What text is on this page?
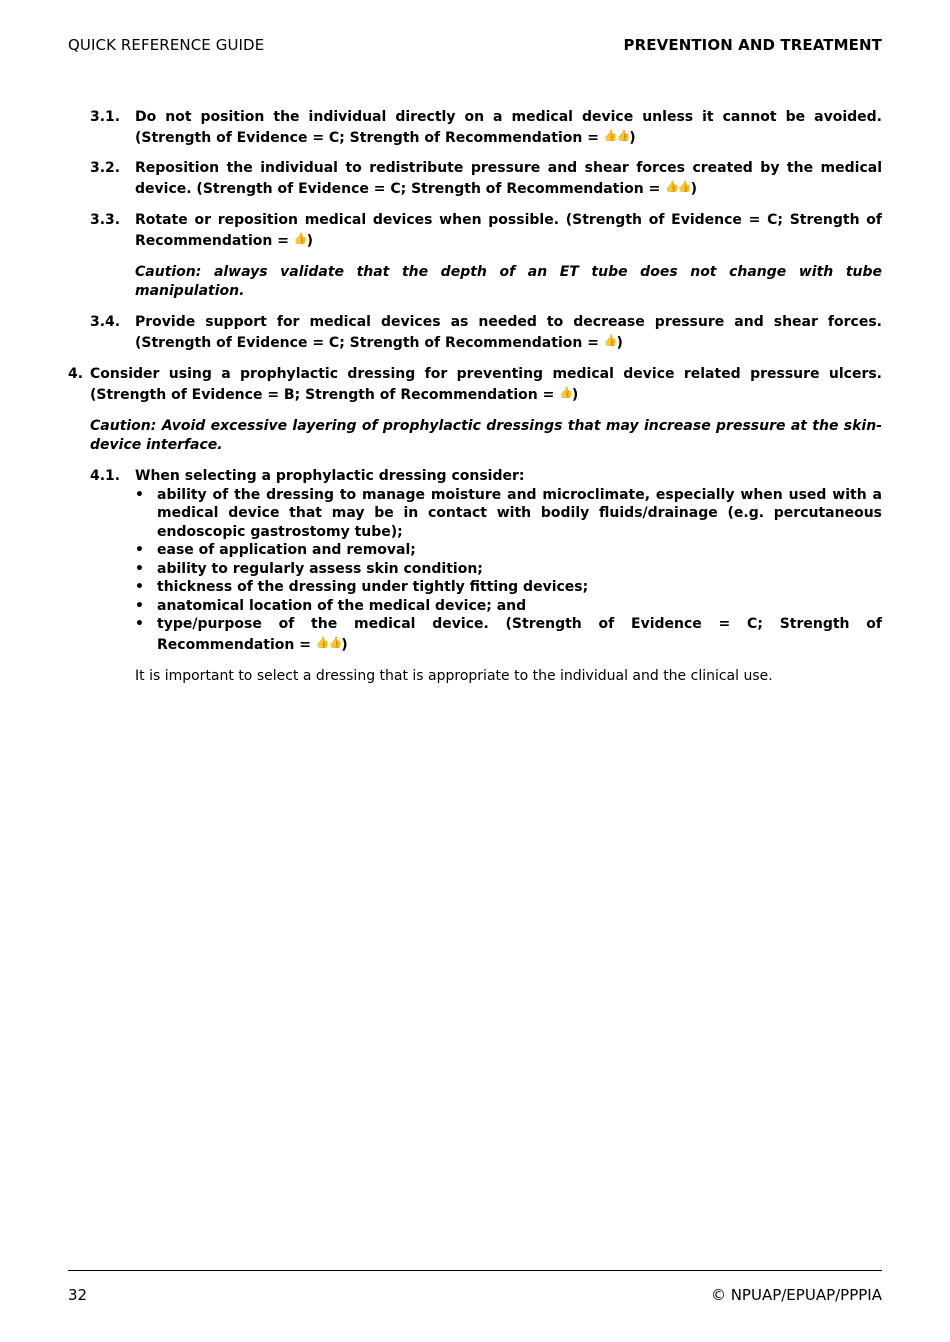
QUICK REFERENCE GUIDE	PREVENTION AND TREATMENT
3.1. Do not position the individual directly on a medical device unless it cannot be avoided. (Strength of Evidence = C; Strength of Recommendation = 👍👍)
3.2. Reposition the individual to redistribute pressure and shear forces created by the medical device. (Strength of Evidence = C; Strength of Recommendation = 👍👍)
3.3. Rotate or reposition medical devices when possible. (Strength of Evidence = C; Strength of Recommendation = 👍)
Caution: always validate that the depth of an ET tube does not change with tube manipulation.
3.4. Provide support for medical devices as needed to decrease pressure and shear forces. (Strength of Evidence = C; Strength of Recommendation = 👍)
4. Consider using a prophylactic dressing for preventing medical device related pressure ulcers. (Strength of Evidence = B; Strength of Recommendation = 👍)
Caution: Avoid excessive layering of prophylactic dressings that may increase pressure at the skin-device interface.
4.1. When selecting a prophylactic dressing consider:
• ability of the dressing to manage moisture and microclimate, especially when used with a medical device that may be in contact with bodily fluids/drainage (e.g. percutaneous endoscopic gastrostomy tube);
• ease of application and removal;
• ability to regularly assess skin condition;
• thickness of the dressing under tightly fitting devices;
• anatomical location of the medical device; and
• type/purpose of the medical device. (Strength of Evidence = C; Strength of Recommendation = 👍👍)
It is important to select a dressing that is appropriate to the individual and the clinical use.
32	© NPUAP/EPUAP/PPPIA
